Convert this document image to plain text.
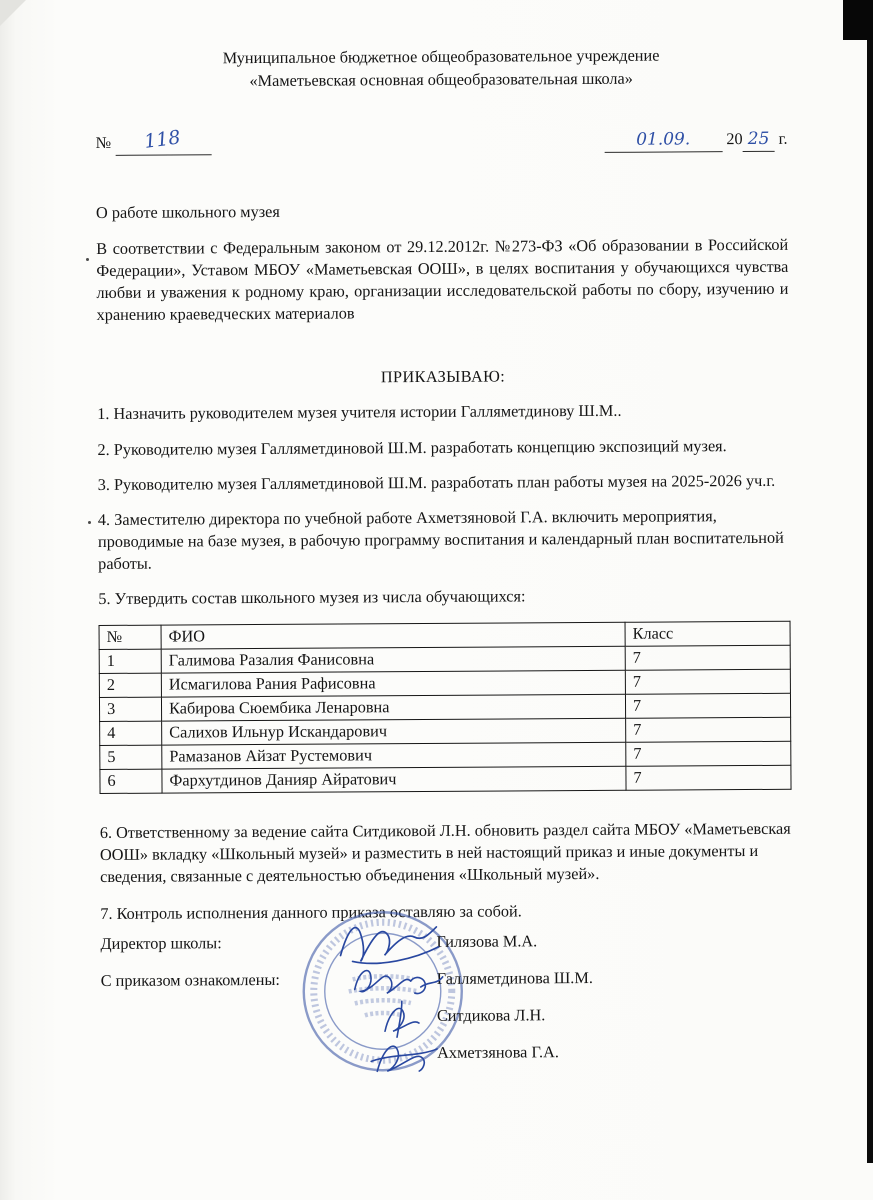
Муниципальное бюджетное общеобразовательное учреждение
«Маметьевская основная общеобразовательная школа»
№ 118	01.09. 20 25 г.

О работе школьного музея

В соответствии с Федеральным законом от 29.12.2012г. №273-ФЗ «Об образовании в Российской Федерации», Уставом МБОУ «Маметьевская ООШ», в целях воспитания у обучающихся чувства любви и уважения к родному краю, организации исследовательской работы по сбору, изучению и хранению краеведческих материалов

ПРИКАЗЫВАЮ:

1. Назначить руководителем музея учителя истории Галляметдинову Ш.М..

2. Руководителю музея Галляметдиновой Ш.М. разработать концепцию экспозиций музея.

3. Руководителю музея Галляметдиновой Ш.М. разработать план работы музея на 2025-2026 уч.г.

4. Заместителю директора по учебной работе Ахметзяновой Г.А. включить мероприятия, проводимые на базе музея, в рабочую программу воспитания и календарный план воспитательной работы.

5. Утвердить состав школьного музея из числа обучающихся:

№	ФИО	Класс
1	Галимова Разалия Фанисовна	7
2	Исмагилова Рания Рафисовна	7
3	Кабирова Сюембика Ленаровна	7
4	Салихов Ильнур Искандарович	7
5	Рамазанов Айзат Рустемович	7
6	Фархутдинов Данияр Айратович	7

6. Ответственному за ведение сайта Ситдиковой Л.Н. обновить раздел сайта МБОУ «Маметьевская ООШ» вкладку «Школьный музей» и разместить в ней настоящий приказ и иные документы и сведения, связанные с деятельностью объединения «Школьный музей».

7. Контроль исполнения данного приказа оставляю за собой.

Директор школы:	Гилязова М.А.
С приказом ознакомлены:	Галляметдинова Ш.М.
Ситдикова Л.Н.
Ахметзянова Г.А.
